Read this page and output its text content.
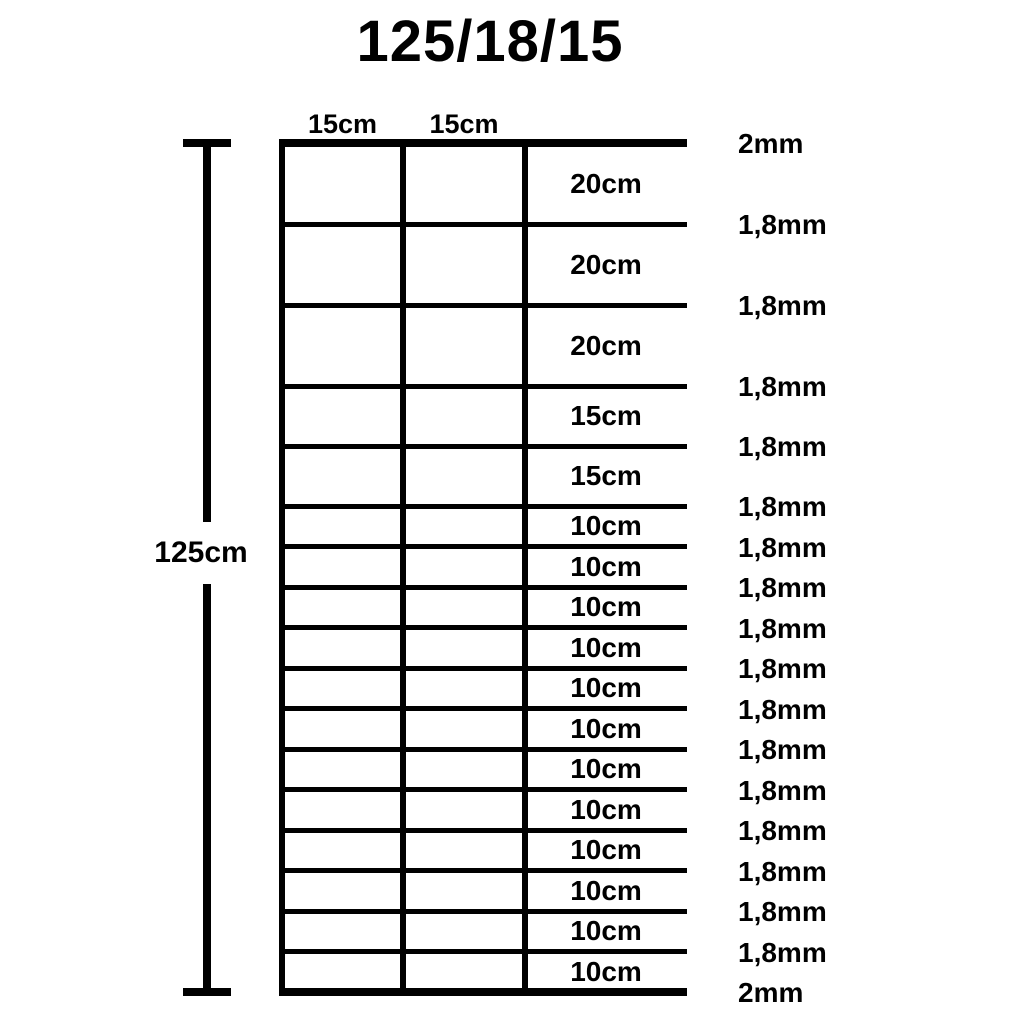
125/18/15
15cm	15cm
20cm
20cm
20cm
15cm
15cm
10cm
10cm
10cm
10cm
10cm
10cm
10cm
10cm
10cm
10cm
10cm
10cm
2mm
1,8mm
1,8mm
1,8mm
1,8mm
1,8mm
1,8mm
1,8mm
1,8mm
1,8mm
1,8mm
1,8mm
1,8mm
1,8mm
1,8mm
1,8mm
1,8mm
2mm
125cm
